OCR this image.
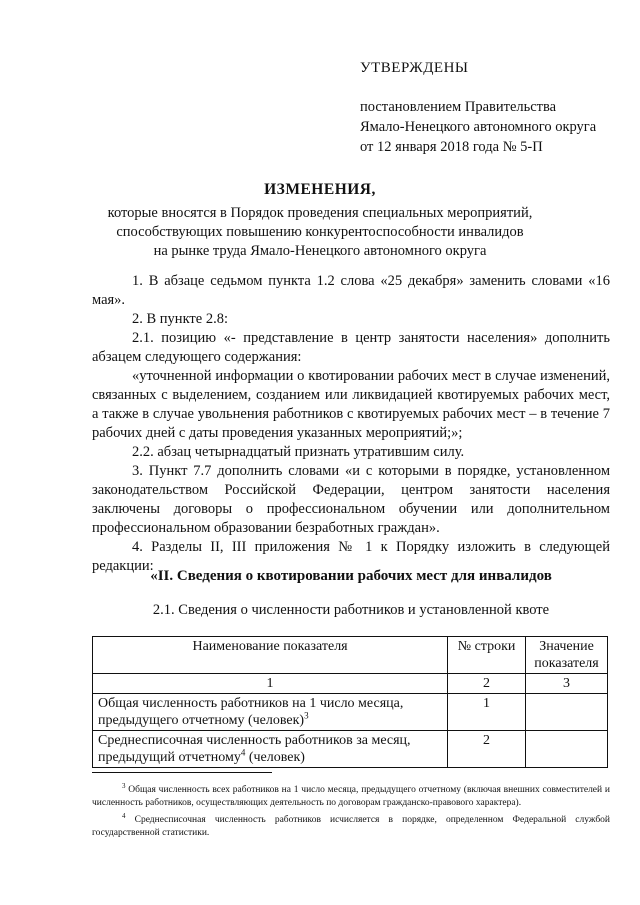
УТВЕРЖДЕНЫ
постановлением Правительства
Ямало-Ненецкого автономного округа
от 12 января 2018 года № 5-П
ИЗМЕНЕНИЯ,
которые вносятся в Порядок проведения специальных мероприятий,
способствующих повышению конкурентоспособности инвалидов
на рынке труда Ямало-Ненецкого автономного округа

1. В абзаце седьмом пункта 1.2 слова «25 декабря» заменить словами «16 мая».

2. В пункте 2.8:

2.1. позицию «- представление в центр занятости населения» дополнить абзацем следующего содержания:

«уточненной информации о квотировании рабочих мест в случае изменений, связанных с выделением, созданием или ликвидацией квотируемых рабочих мест, а также в случае увольнения работников с квотируемых рабочих мест – в течение 7 рабочих дней с даты проведения указанных мероприятий;»;

2.2. абзац четырнадцатый признать утратившим силу.

3. Пункт 7.7 дополнить словами «и с которыми в порядке, установленном законодательством Российской Федерации, центром занятости населения заключены договоры о профессиональном обучении или дополнительном профессиональном образовании безработных граждан».

4. Разделы II, III приложения № 1 к Порядку изложить в следующей редакции:

«II. Сведения о квотировании рабочих мест для инвалидов
2.1. Сведения о численности работников и установленной квоте
Наименование показателя	№ строки	Значение показателя
1	2	3
Общая численность работников на 1 число месяца,
предыдущего отчетному (человек)$^3$	1	
Среднесписочная численность работников за месяц,
предыдущий отчетному$^4$ (человек)	2	

$^3$ Общая численность всех работников на 1 число месяца, предыдущего отчетному (включая внешних совместителей и численность работников, осуществляющих деятельность по договорам гражданско-правового характера).

$^4$ Среднесписочная численность работников исчисляется в порядке, определенном Федеральной службой государственной статистики.
